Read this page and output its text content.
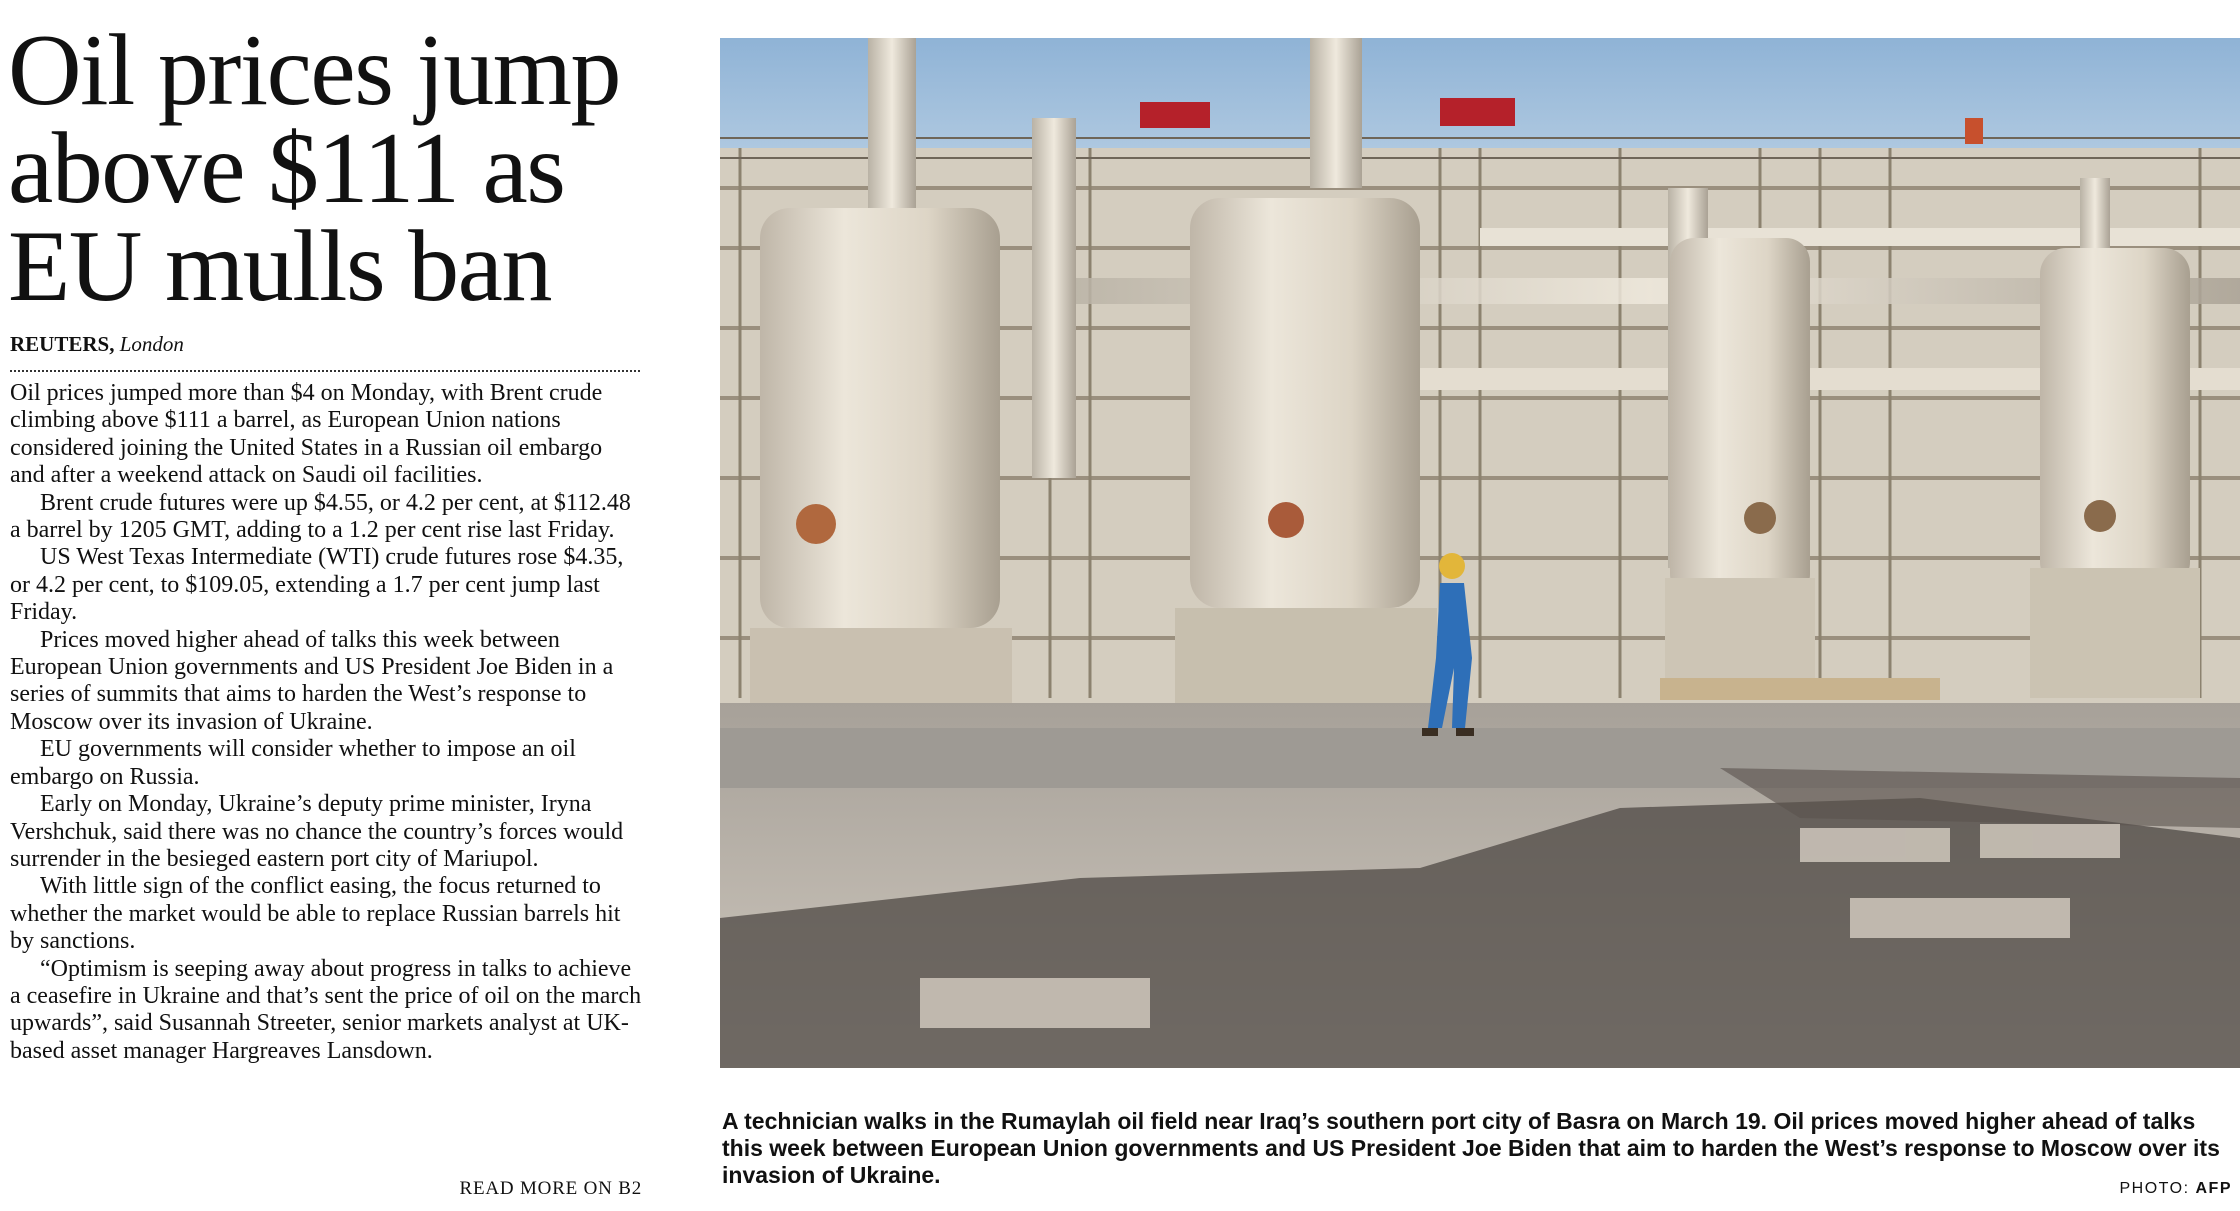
Oil prices jump above $111 as EU mulls ban
REUTERS, London

Oil prices jumped more than $4 on Monday, with Brent crude climbing above $111 a barrel, as European Union nations considered joining the United States in a Russian oil embargo and after a weekend attack on Saudi oil facilities.

Brent crude futures were up $4.55, or 4.2 per cent, at $112.48 a barrel by 1205 GMT, adding to a 1.2 per cent rise last Friday.

US West Texas Intermediate (WTI) crude futures rose $4.35, or 4.2 per cent, to $109.05, extending a 1.7 per cent jump last Friday.

Prices moved higher ahead of talks this week between European Union governments and US President Joe Biden in a series of summits that aims to harden the West’s response to Moscow over its invasion of Ukraine.

EU governments will consider whether to impose an oil embargo on Russia.

Early on Monday, Ukraine’s deputy prime minister, Iryna Vershchuk, said there was no chance the country’s forces would surrender in the besieged eastern port city of Mariupol.

With little sign of the conflict easing, the focus returned to whether the market would be able to replace Russian barrels hit by sanctions.

“Optimism is seeping away about progress in talks to achieve a ceasefire in Ukraine and that’s sent the price of oil on the march upwards”, said Susannah Streeter, senior markets analyst at UK-based asset manager Hargreaves Lansdown.

READ MORE ON B2
A technician walks in the Rumaylah oil field near Iraq’s southern port city of Basra on March 19. Oil prices moved higher ahead of talks this week between European Union governments and US President Joe Biden that aim to harden the West’s response to Moscow over its invasion of Ukraine.
PHOTO: AFP
